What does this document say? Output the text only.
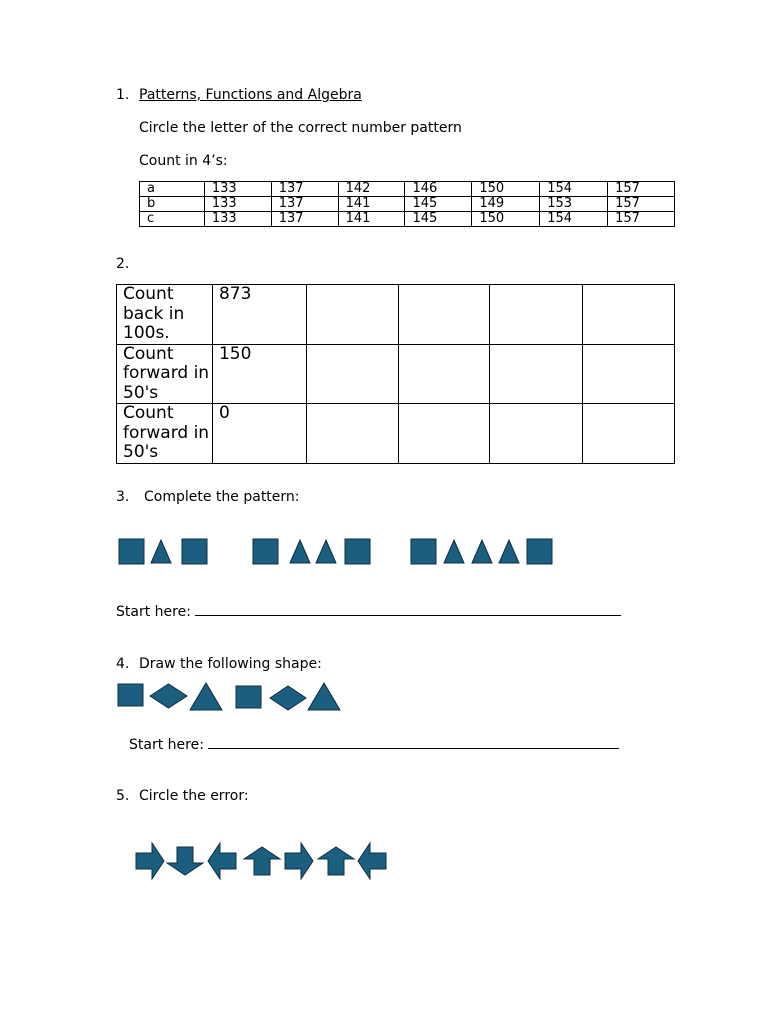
1. Patterns, Functions and Algebra
Circle the letter of the correct number pattern
Count in 4’s:
a	133	137	142	146	150	154	157
b	133	137	141	145	149	153	157
c	133	137	141	145	150	154	157
2.
Count back in 100s.	873				
Count forward in 50's	150				
Count forward in 50's	0				
3. Complete the pattern:
Start here:
4. Draw the following shape:
Start here:
5. Circle the error:
